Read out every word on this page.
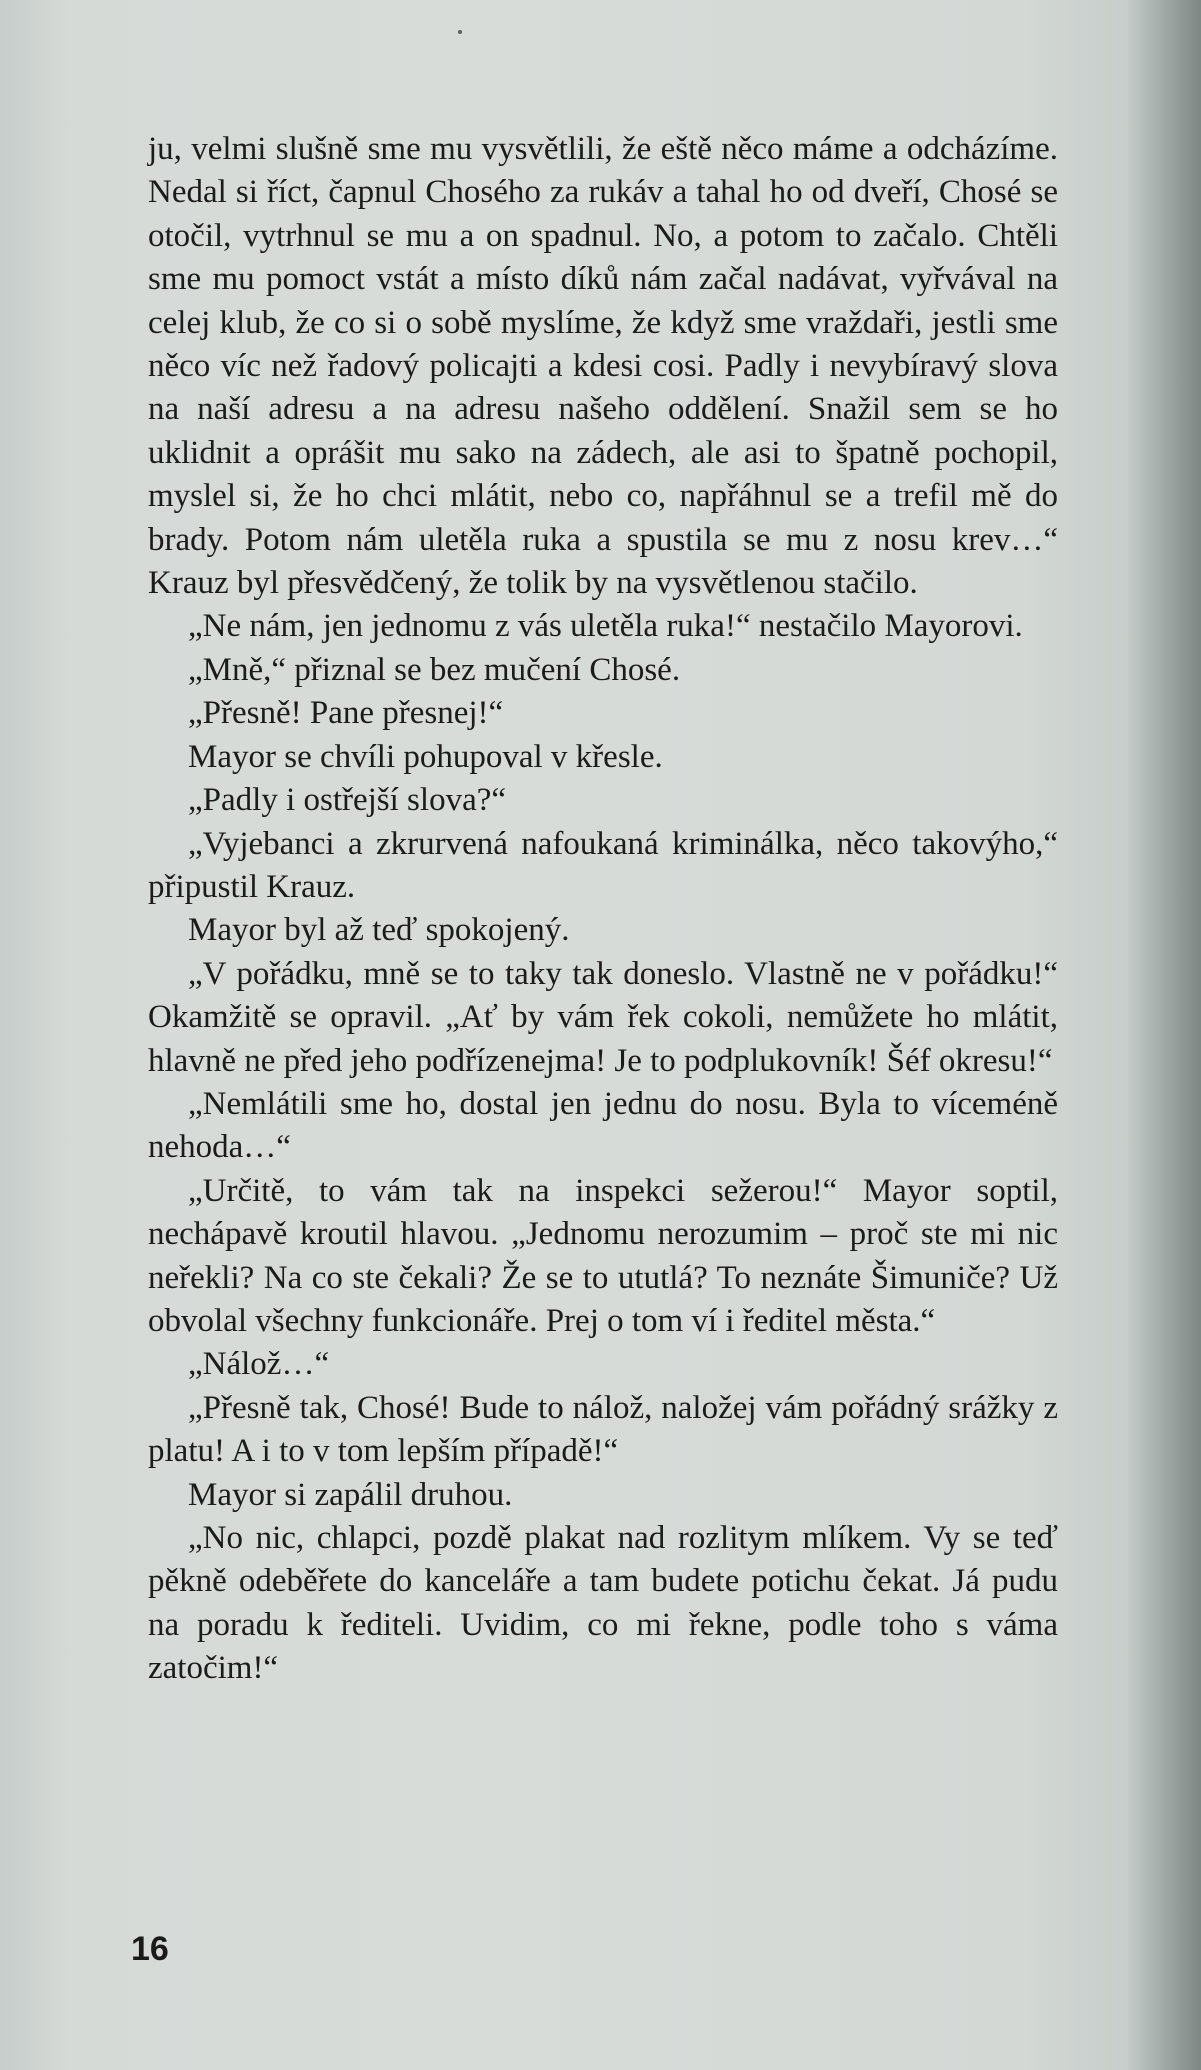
ju, velmi slušně sme mu vysvětlili, že eště něco máme a odcházíme. Nedal si říct, čapnul Chosého za rukáv a tahal ho od dveří, Chosé se otočil, vytrhnul se mu a on spadnul. No, a potom to začalo. Chtěli sme mu pomoct vstát a místo díků nám začal nadávat, vyřvával na celej klub, že co si o sobě myslíme, že když sme vraždaři, jestli sme něco víc než řadový policajti a kdesi cosi. Padly i nevybíravý slova na naší adresu a na adresu našeho oddělení. Snažil sem se ho uklidnit a oprášit mu sako na zádech, ale asi to špatně pochopil, myslel si, že ho chci mlátit, nebo co, napřáhnul se a trefil mě do brady. Potom nám uletěla ruka a spustila se mu z nosu krev…“ Krauz byl přesvědčený, že tolik by na vysvětlenou stačilo.

„Ne nám, jen jednomu z vás uletěla ruka!“ nestačilo Mayorovi.

„Mně,“ přiznal se bez mučení Chosé.

„Přesně! Pane přesnej!“

Mayor se chvíli pohupoval v křesle.

„Padly i ostřejší slova?“

„Vyjebanci a zkrurvená nafoukaná kriminálka, něco takovýho,“ připustil Krauz.

Mayor byl až teď spokojený.

„V pořádku, mně se to taky tak doneslo. Vlastně ne v pořádku!“ Okamžitě se opravil. „Ať by vám řek cokoli, nemůžete ho mlátit, hlavně ne před jeho podřízenejma! Je to podplukovník! Šéf okresu!“

„Nemlátili sme ho, dostal jen jednu do nosu. Byla to víceméně nehoda…“

„Určitě, to vám tak na inspekci sežerou!“ Mayor soptil, nechápavě kroutil hlavou. „Jednomu nerozumim – proč ste mi nic neřekli? Na co ste čekali? Že se to ututlá? To neznáte Šimuniče? Už obvolal všechny funkcionáře. Prej o tom ví i ředitel města.“

„Nálož…“

„Přesně tak, Chosé! Bude to nálož, naložej vám pořádný srážky z platu! A i to v tom lepším případě!“

Mayor si zapálil druhou.

„No nic, chlapci, pozdě plakat nad rozlitym mlíkem. Vy se teď pěkně odeběřete do kanceláře a tam budete potichu čekat. Já pudu na poradu k řediteli. Uvidim, co mi řekne, podle toho s váma zatočim!“

16
